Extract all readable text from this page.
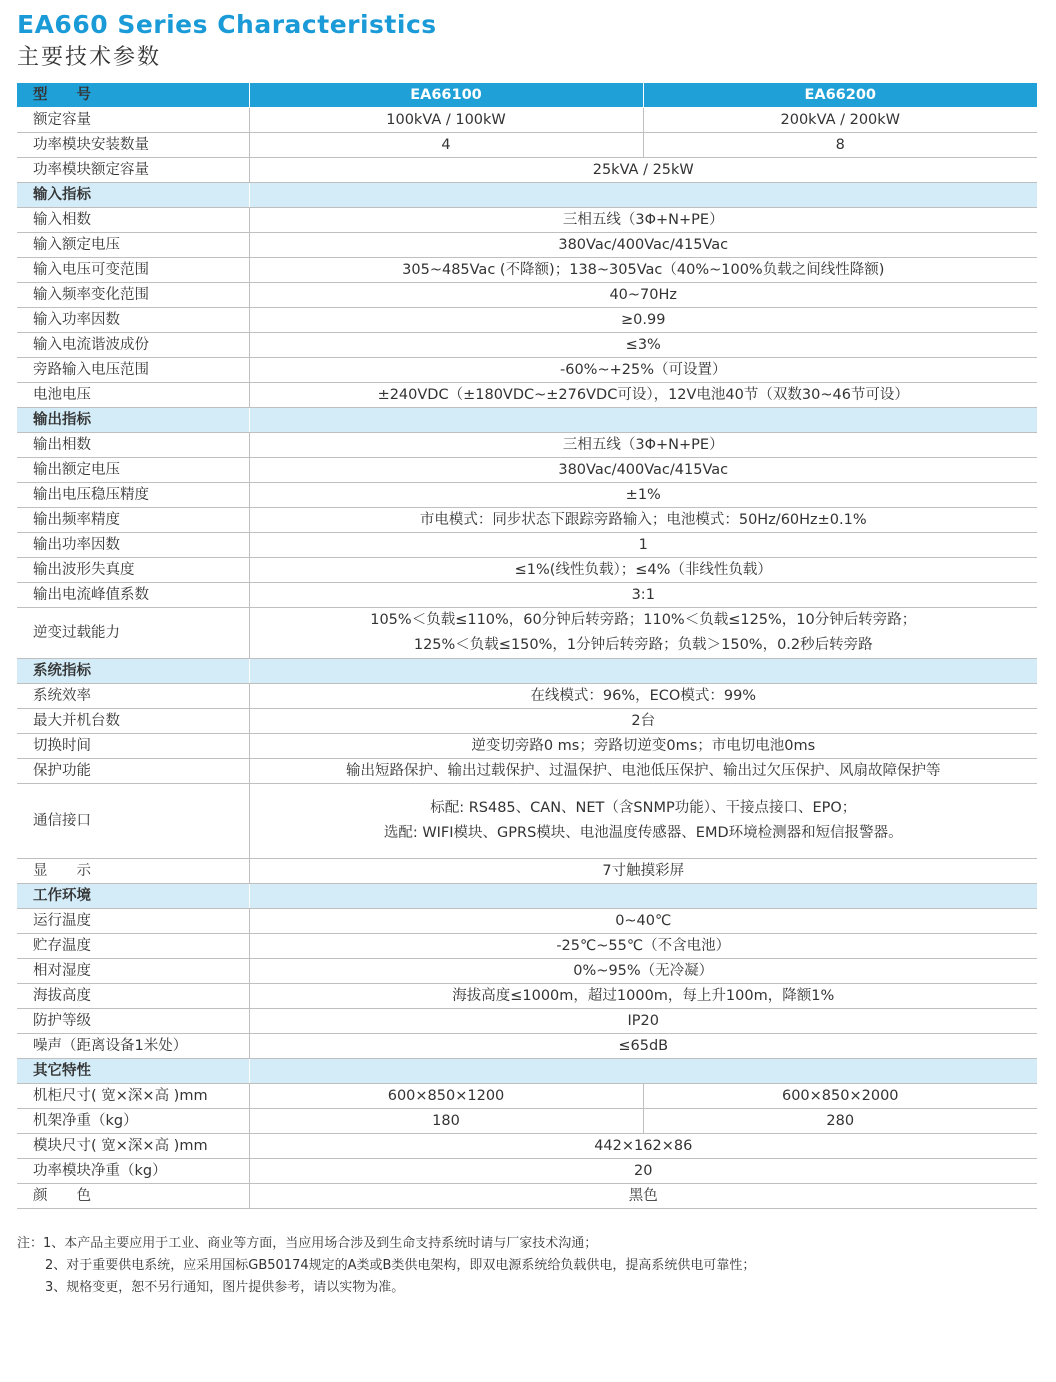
EA660 Series Characteristics
主要技术参数
型　　号	EA66100	EA66200
额定容量	100kVA / 100kW	200kVA / 200kW
功率模块安装数量	4	8
功率模块额定容量	25kVA / 25kW	
输入指标		
输入相数	三相五线（3Φ+N+PE）	
输入额定电压	380Vac/400Vac/415Vac	
输入电压可变范围	305~485Vac (不降额)；138~305Vac（40%~100%负载之间线性降额)	
输入频率变化范围	40~70Hz	
输入功率因数	≥0.99	
输入电流谐波成份	≤3%	
旁路输入电压范围	-60%~+25%（可设置）	
电池电压	±240VDC（±180VDC~±276VDC可设），12V电池40节（双数30~46节可设）	
输出指标		
输出相数	三相五线（3Φ+N+PE）	
输出额定电压	380Vac/400Vac/415Vac	
输出电压稳压精度	±1%	
输出频率精度	市电模式：同步状态下跟踪旁路输入；电池模式：50Hz/60Hz±0.1%	
输出功率因数	1	
输出波形失真度	≤1%(线性负载）；≤4%（非线性负载）	
输出电流峰值系数	3:1	
逆变过载能力	105%＜负载≤110%，60分钟后转旁路；110%＜负载≤125%，10分钟后转旁路；
125%＜负载≤150%，1分钟后转旁路；负载＞150%，0.2秒后转旁路	

系统指标		
系统效率	在线模式：96%，ECO模式：99%	
最大并机台数	2台	
切换时间	逆变切旁路0 ms；旁路切逆变0ms；市电切电池0ms	
保护功能	输出短路保护、输出过载保护、过温保护、电池低压保护、输出过欠压保护、风扇故障保护等	
通信接口	标配: RS485、CAN、NET（含SNMP功能）、干接点接口、EPO；
选配: WIFI模块、GPRS模块、电池温度传感器、EMD环境检测器和短信报警器。	

显　　示	7寸触摸彩屏	
工作环境		
运行温度	0~40℃	
贮存温度	-25℃~55℃（不含电池）	
相对湿度	0%~95%（无冷凝）	
海拔高度	海拔高度≤1000m，超过1000m，每上升100m，降额1%	
防护等级	IP20	
噪声（距离设备1米处）	≤65dB	
其它特性		
机柜尺寸( 宽×深×高 )mm	600×850×1200	600×850×2000
机架净重（kg）	180	280
模块尺寸( 宽×深×高 )mm	442×162×86	
功率模块净重（kg）	20	
颜　　色	黑色	
注：1、本产品主要应用于工业、商业等方面，当应用场合涉及到生命支持系统时请与厂家技术沟通；
2、对于重要供电系统，应采用国标GB50174规定的A类或B类供电架构，即双电源系统给负载供电，提高系统供电可靠性；
3、规格变更，恕不另行通知，图片提供参考，请以实物为准。
